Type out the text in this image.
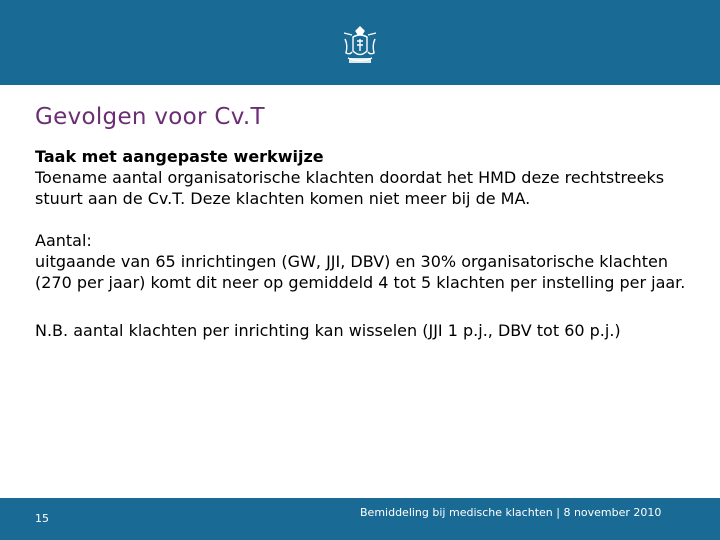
Gevolgen voor Cv.T

Taak met aangepaste werkwijze

Toename aantal organisatorische klachten doordat het HMD deze rechtstreeks stuurt aan de Cv.T. Deze klachten komen niet meer bij de MA.

Aantal:

uitgaande van 65 inrichtingen (GW, JJI, DBV) en 30% organisatorische klachten (270 per jaar) komt dit neer op gemiddeld 4 tot 5 klachten per instelling per jaar.

N.B. aantal klachten per inrichting kan wisselen (JJI 1 p.j., DBV tot 60 p.j.)

15	Bemiddeling bij medische klachten | 8 november 2010
